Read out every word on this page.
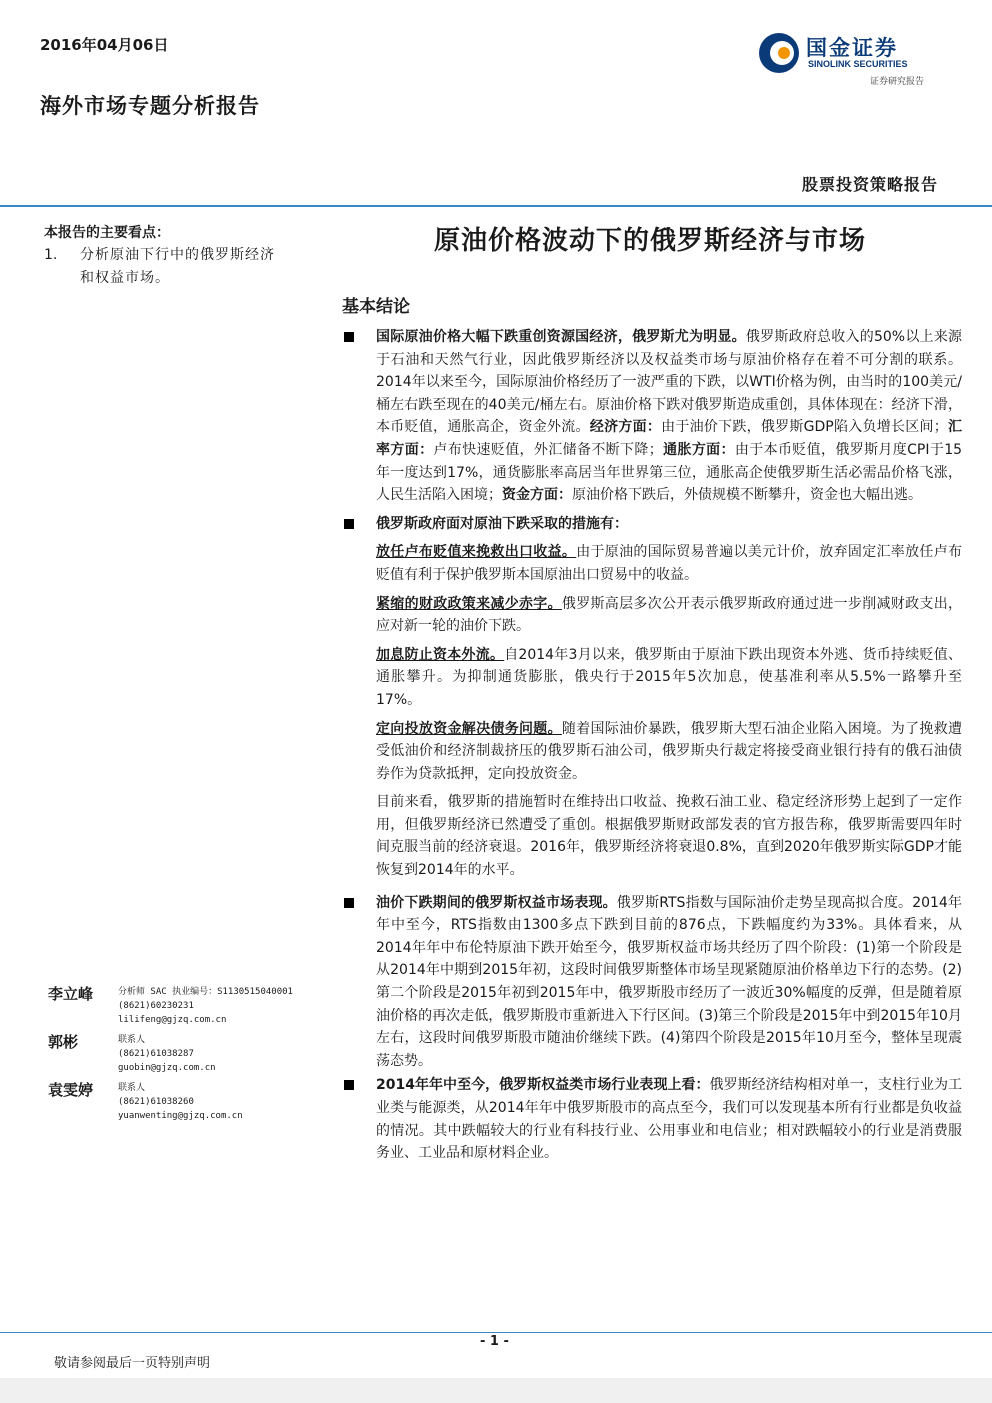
2016年04月06日
海外市场专题分析报告
国金证券
SINOLINK SECURITIES
证券研究报告
股票投资策略报告
本报告的主要看点：
1. 分析原油下行中的俄罗斯经济和权益市场。
原油价格波动下的俄罗斯经济与市场
基本结论
国际原油价格大幅下跌重创资源国经济，俄罗斯尤为明显。俄罗斯政府总收入的50%以上来源于石油和天然气行业，因此俄罗斯经济以及权益类市场与原油价格存在着不可分割的联系。2014年以来至今，国际原油价格经历了一波严重的下跌，以WTI价格为例，由当时的100美元/桶左右跌至现在的40美元/桶左右。原油价格下跌对俄罗斯造成重创，具体体现在：经济下滑，本币贬值，通胀高企，资金外流。经济方面：由于油价下跌，俄罗斯GDP陷入负增长区间；汇率方面：卢布快速贬值，外汇储备不断下降；通胀方面：由于本币贬值，俄罗斯月度CPI于15年一度达到17%，通货膨胀率高居当年世界第三位，通胀高企使俄罗斯生活必需品价格飞涨，人民生活陷入困境；资金方面：原油价格下跌后，外债规模不断攀升，资金也大幅出逃。
俄罗斯政府面对原油下跌采取的措施有：
放任卢布贬值来挽救出口收益。由于原油的国际贸易普遍以美元计价，放弃固定汇率放任卢布贬值有利于保护俄罗斯本国原油出口贸易中的收益。
紧缩的财政政策来减少赤字。俄罗斯高层多次公开表示俄罗斯政府通过进一步削减财政支出，应对新一轮的油价下跌。
加息防止资本外流。自2014年3月以来，俄罗斯由于原油下跌出现资本外逃、货币持续贬值、通胀攀升。为抑制通货膨胀，俄央行于2015年5次加息，使基准利率从5.5%一路攀升至17%。
定向投放资金解决债务问题。随着国际油价暴跌，俄罗斯大型石油企业陷入困境。为了挽救遭受低油价和经济制裁挤压的俄罗斯石油公司，俄罗斯央行裁定将接受商业银行持有的俄石油债券作为贷款抵押，定向投放资金。
目前来看，俄罗斯的措施暂时在维持出口收益、挽救石油工业、稳定经济形势上起到了一定作用，但俄罗斯经济已然遭受了重创。根据俄罗斯财政部发表的官方报告称，俄罗斯需要四年时间克服当前的经济衰退。2016年，俄罗斯经济将衰退0.8%，直到2020年俄罗斯实际GDP才能恢复到2014年的水平。
油价下跌期间的俄罗斯权益市场表现。俄罗斯RTS指数与国际油价走势呈现高拟合度。2014年年中至今，RTS指数由1300多点下跌到目前的876点，下跌幅度约为33%。具体看来，从2014年年中布伦特原油下跌开始至今，俄罗斯权益市场共经历了四个阶段：(1)第一个阶段是从2014年中期到2015年初，这段时间俄罗斯整体市场呈现紧随原油价格单边下行的态势。(2)第二个阶段是2015年初到2015年中，俄罗斯股市经历了一波近30%幅度的反弹，但是随着原油价格的再次走低，俄罗斯股市重新进入下行区间。(3)第三个阶段是2015年中到2015年10月左右，这段时间俄罗斯股市随油价继续下跌。(4)第四个阶段是2015年10月至今，整体呈现震荡态势。
2014年年中至今，俄罗斯权益类市场行业表现上看：俄罗斯经济结构相对单一，支柱行业为工业类与能源类，从2014年年中俄罗斯股市的高点至今，我们可以发现基本所有行业都是负收益的情况。其中跌幅较大的行业有科技行业、公用事业和电信业；相对跌幅较小的行业是消费服务业、工业品和原材料企业。
李立峰	分析师 SAC 执业编号：S1130515040001
(8621)60230231
lilifeng@gjzq.com.cn
郭彬	联系人
(8621)61038287
guobin@gjzq.com.cn
袁雯婷	联系人
(8621)61038260
yuanwenting@gjzq.com.cn
- 1 -
敬请参阅最后一页特别声明
